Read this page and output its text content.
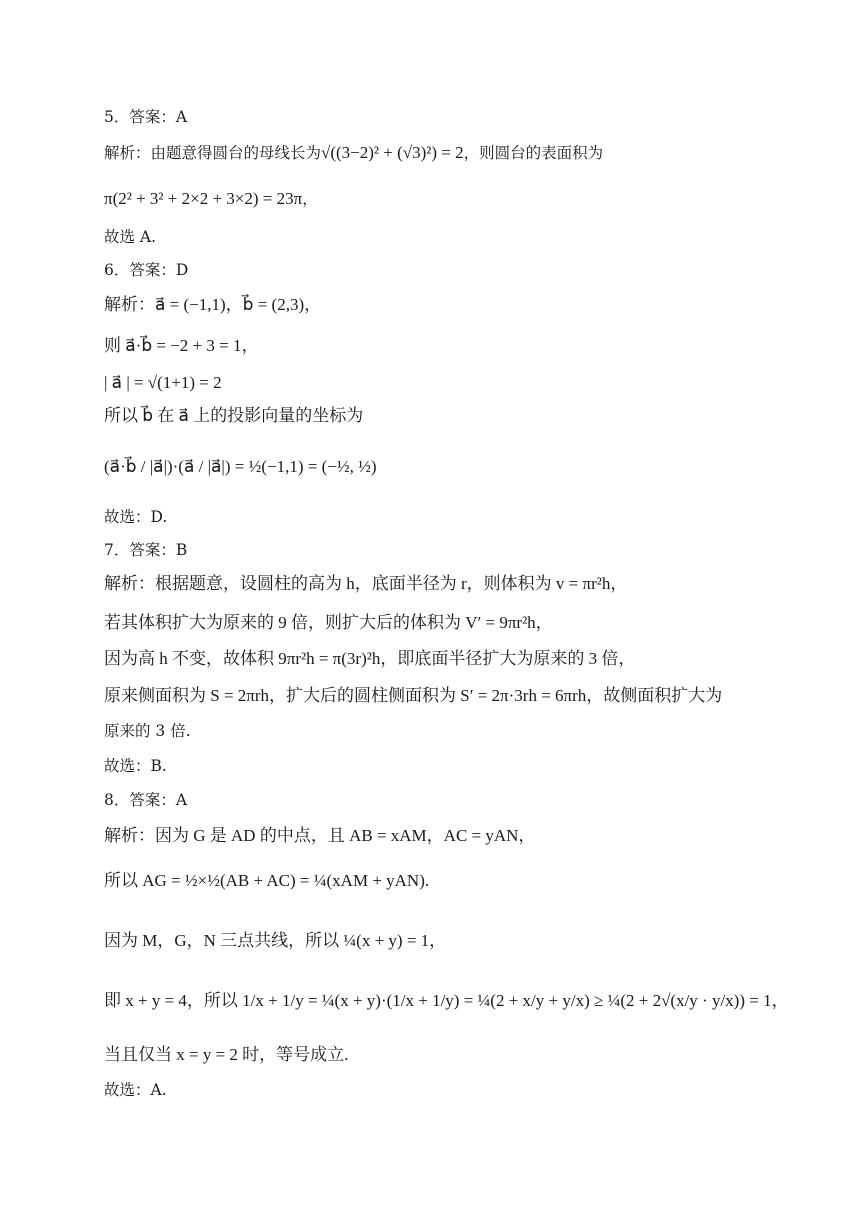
5．答案：A
解析：由题意得圆台的母线长为√((3−2)² + (√3)²) = 2，则圆台的表面积为
π(2² + 3² + 2×2 + 3×2) = 23π，
故选 A.
6．答案：D
解析：a⃗ = (−1,1)，b⃗ = (2,3)，
则 a⃗·b⃗ = −2 + 3 = 1，
| a⃗ | = √(1+1) = 2
所以 b⃗ 在 a⃗ 上的投影向量的坐标为
(a⃗·b⃗ / |a⃗|)·(a⃗ / |a⃗|) = ½(−1,1) = (−½, ½)
故选：D.
7．答案：B
解析：根据题意，设圆柱的高为 h，底面半径为 r，则体积为 v = πr²h，
若其体积扩大为原来的 9 倍，则扩大后的体积为 V′ = 9πr²h，
因为高 h 不变，故体积 9πr²h = π(3r)²h，即底面半径扩大为原来的 3 倍，
原来侧面积为 S = 2πrh，扩大后的圆柱侧面积为 S′ = 2π·3rh = 6πrh，故侧面积扩大为
原来的 3 倍.
故选：B.
8．答案：A
解析：因为 G 是 AD 的中点，且 AB = xAM，AC = yAN，
所以 AG = ½×½(AB + AC) = ¼(xAM + yAN).
因为 M，G，N 三点共线，所以 ¼(x + y) = 1，
即 x + y = 4，所以 1/x + 1/y = ¼(x + y)·(1/x + 1/y) = ¼(2 + x/y + y/x) ≥ ¼(2 + 2√(x/y · y/x)) = 1，
当且仅当 x = y = 2 时，等号成立.
故选：A.
